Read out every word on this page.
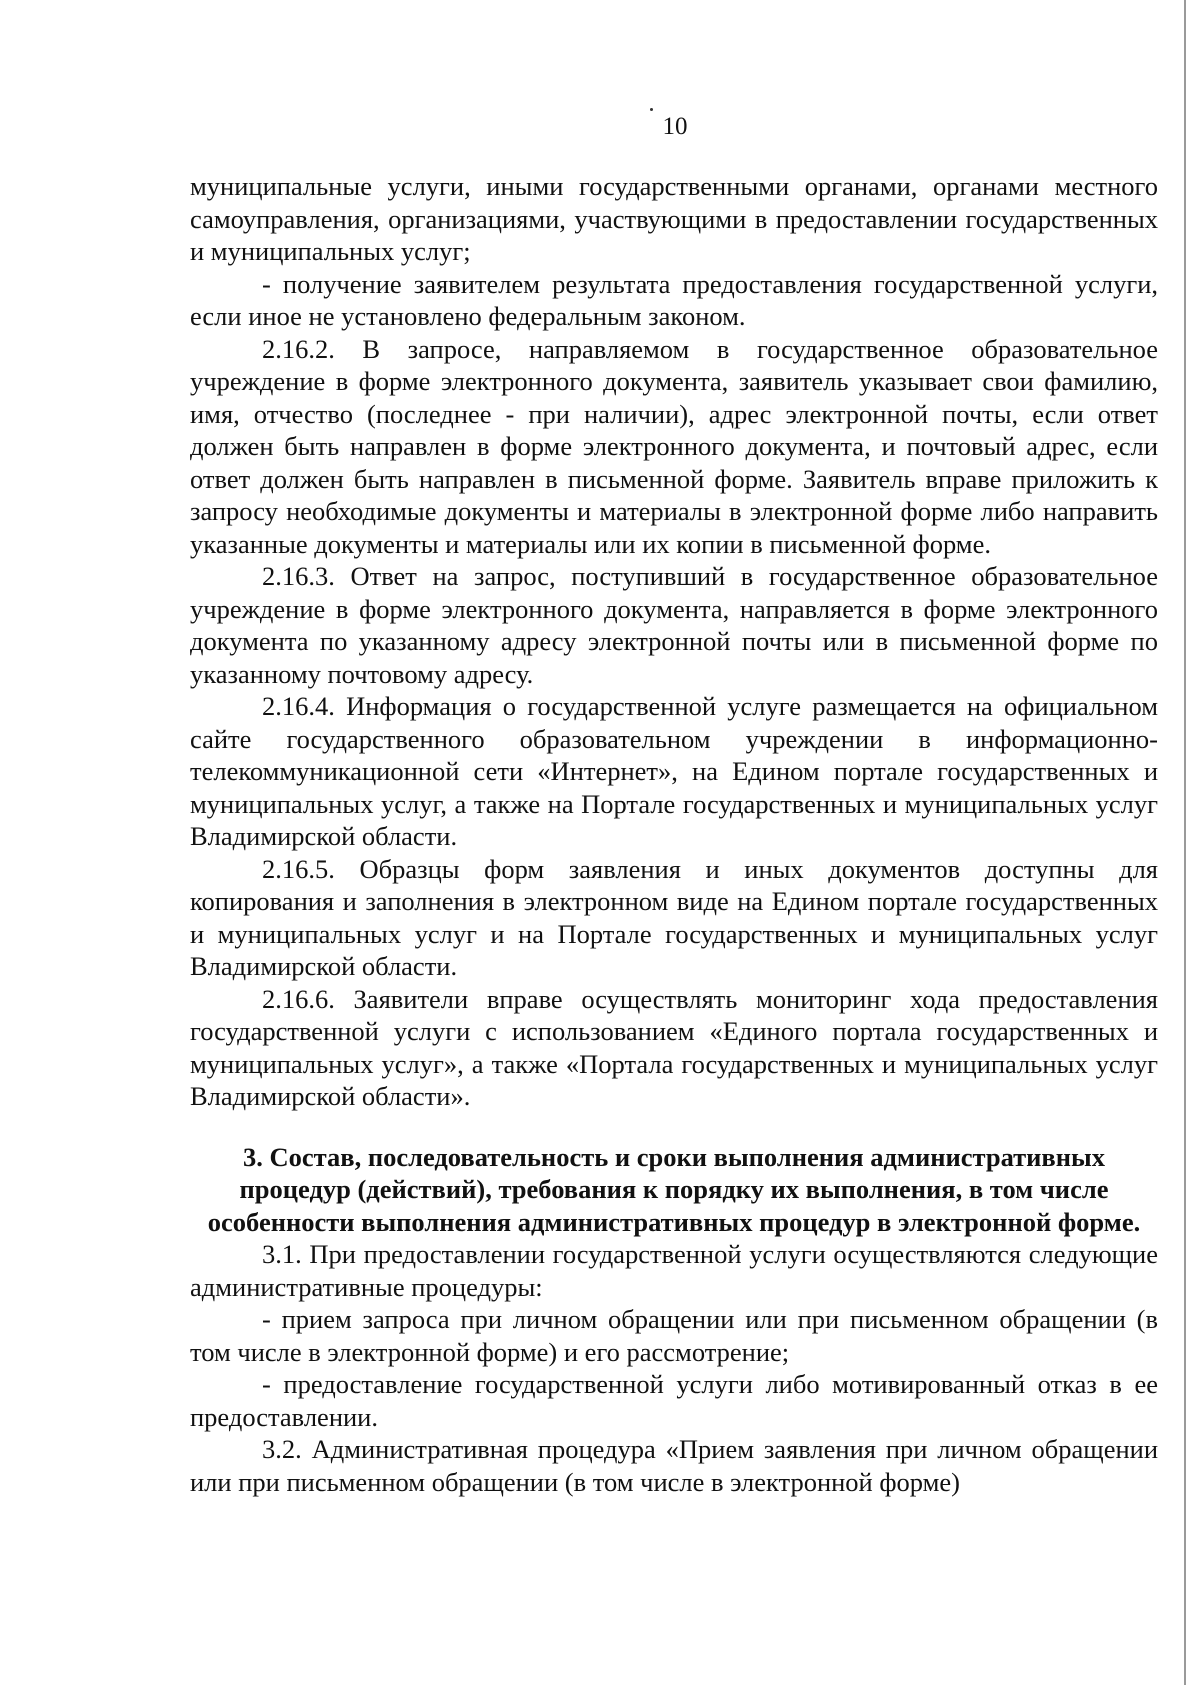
10

муниципальные услуги, иными государственными органами, органами местного самоуправления, организациями, участвующими в предоставлении государственных и муниципальных услуг;

- получение заявителем результата предоставления государственной услуги, если иное не установлено федеральным законом.

2.16.2. В запросе, направляемом в государственное образовательное учреждение в форме электронного документа, заявитель указывает свои фамилию, имя, отчество (последнее - при наличии), адрес электронной почты, если ответ должен быть направлен в форме электронного документа, и почтовый адрес, если ответ должен быть направлен в письменной форме. Заявитель вправе приложить к запросу необходимые документы и материалы в электронной форме либо направить указанные документы и материалы или их копии в письменной форме.

2.16.3. Ответ на запрос, поступивший в государственное образовательное учреждение в форме электронного документа, направляется в форме электронного документа по указанному адресу электронной почты или в письменной форме по указанному почтовому адресу.

2.16.4. Информация о государственной услуге размещается на официальном сайте государственного образовательном учреждении в информационно-телекоммуникационной сети «Интернет», на Едином портале государственных и муниципальных услуг, а также на Портале государственных и муниципальных услуг Владимирской области.

2.16.5. Образцы форм заявления и иных документов доступны для копирования и заполнения в электронном виде на Едином портале государственных и муниципальных услуг и на Портале государственных и муниципальных услуг Владимирской области.

2.16.6. Заявители вправе осуществлять мониторинг хода предоставления государственной услуги с использованием «Единого портала государственных и муниципальных услуг», а также «Портала государственных и муниципальных услуг Владимирской области».

3. Состав, последовательность и сроки выполнения административных процедур (действий), требования к порядку их выполнения, в том числе особенности выполнения административных процедур в электронной форме.

3.1. При предоставлении государственной услуги осуществляются следующие административные процедуры:

- прием запроса при личном обращении или при письменном обращении (в том числе в электронной форме) и его рассмотрение;

- предоставление государственной услуги либо мотивированный отказ в ее предоставлении.

3.2. Административная процедура «Прием заявления при личном обращении или при письменном обращении (в том числе в электронной форме)
